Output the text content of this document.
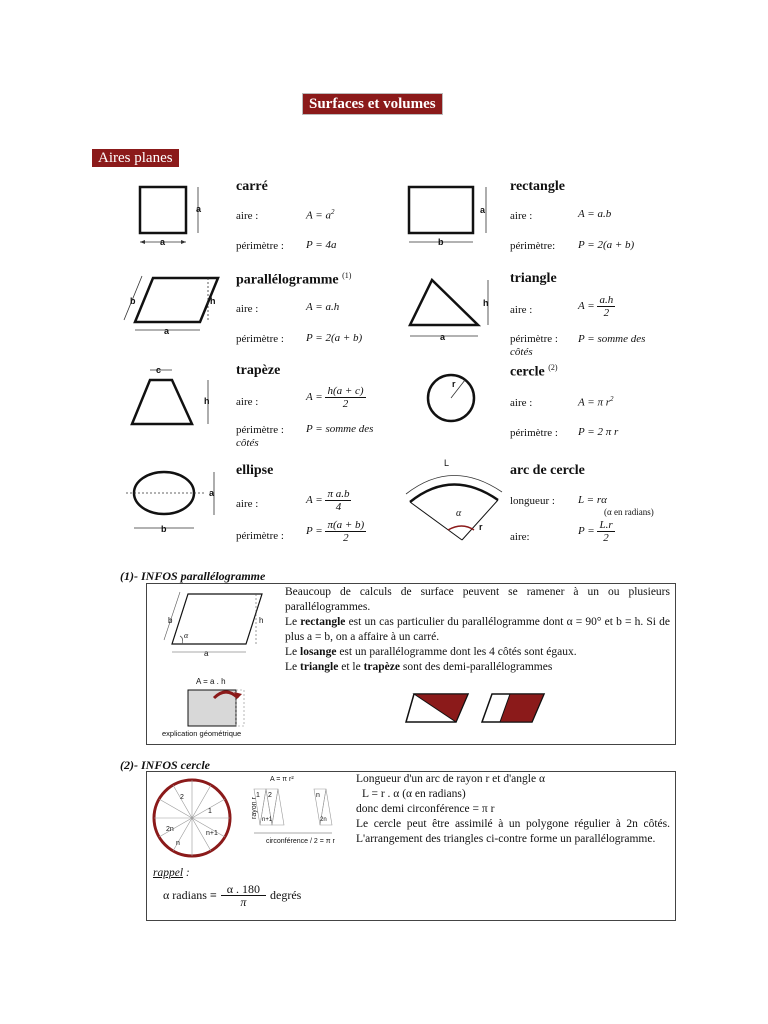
Surfaces et volumes
Aires planes
a
a
carré
aire :	$A = a^2$
périmètre : P = 4a
a
b
rectangle
aire :	A = a.b
périmètre: P = 2(a + b)
h
b
a
parallélogramme $^{(1)}$
aire :	A = a.h
périmètre : P = 2(a + b)
h
a
triangle
aire :	$A = \frac{a.h}{2}$
périmètre : P = somme des
côtés
c
h
trapèze
aire :	$A = \frac{h(a + c)}{2}$
périmètre : P = somme des
côtés
r
cercle $^{(2)}$
aire :	A = π $r^2$
périmètre : P = 2 π r
a
b
ellipse
aire :	$A = \frac{\text{π a.b}}{4}$
périmètre : $P = \frac{\pi(a + b)}{2}$
L
α
r
arc de cercle
longueur : L = rα
(α en radians)
aire:	$P = \frac{L.r}{2}$
(1)- INFOS parallélogramme
h
b
α
a
A = a . h
explication géométrique
Beaucoup de calculs de surface peuvent se ramener à un ou plusieurs parallélogrammes.
Le rectangle est un cas particulier du parallélogramme dont α = 90° et b = h. Si de plus a = b, on a affaire à un carré.
Le losange est un parallélogramme dont les 4 côtés sont égaux.
Le triangle et le trapèze sont des demi-parallélogrammes
(2)- INFOS cercle
2
1
2n
n+1
n
A = π r²
rayon r
2
1
n+1
n
2n
circonférence / 2 = π r
Longueur d'un arc de rayon r et d'angle α
L = r . α (α en radians)
donc demi circonférence = π r
Le cercle peut être assimilé à un polygone régulier à 2n côtés. L'arrangement des triangles ci-contre forme un parallélogramme.
rappel :
α radians ≡ $\frac{\alpha . 180}{\pi}$ degrés
